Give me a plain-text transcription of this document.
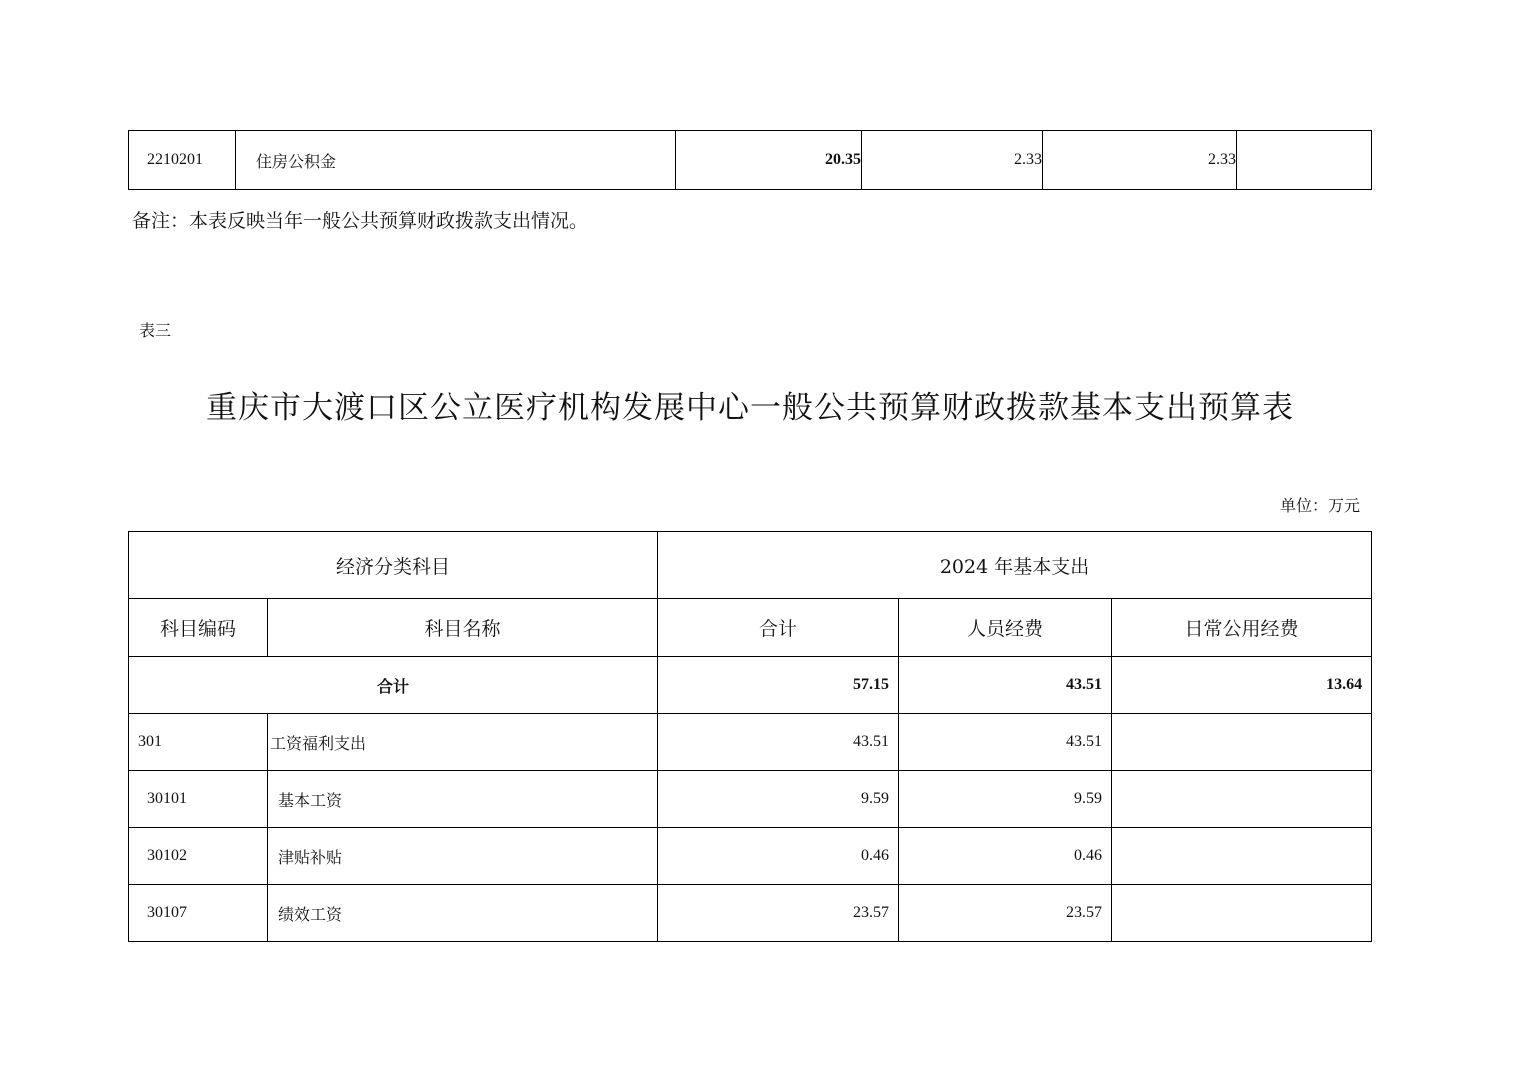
2210201	住房公积金	20.35	2.33	2.33	
备注：本表反映当年一般公共预算财政拨款支出情况。
表三
重庆市大渡口区公立医疗机构发展中心一般公共预算财政拨款基本支出预算表
单位：万元
经济分类科目		2024 年基本支出		
科目编码	科目名称	合计	人员经费	日常公用经费
合计		57.15	43.51	13.64
301	工资福利支出	43.51	43.51	
30101	基本工资	9.59	9.59	
30102	津贴补贴	0.46	0.46	
30107	绩效工资	23.57	23.57	
